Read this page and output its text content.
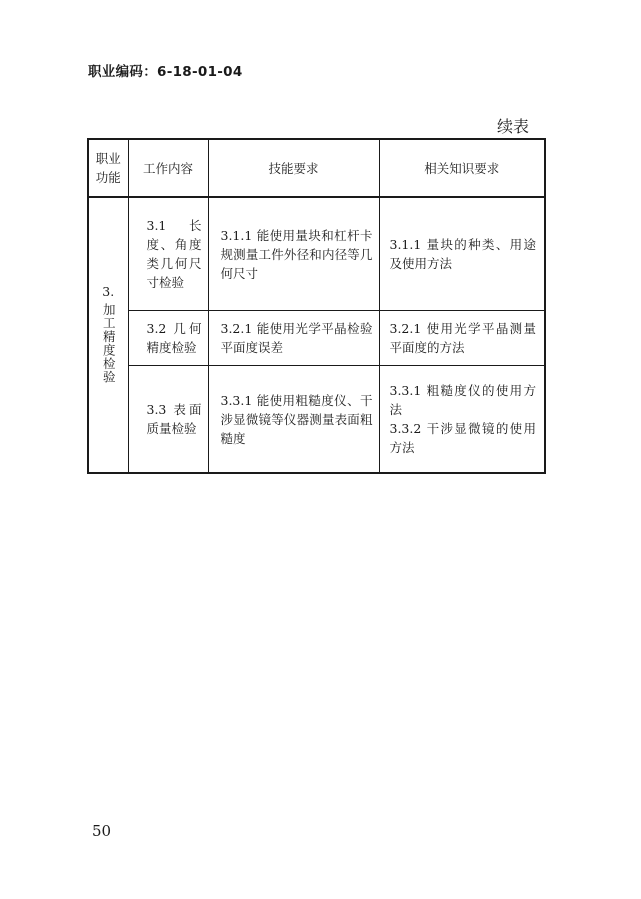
职业编码：6-18-01-04
续表
职业功能	工作内容	技能要求	相关知识要求

3.
加工精度检验	3.1　长度、角度类几何尺寸检验	3.1.1 能使用量块和杠杆卡规测量工件外径和内径等几何尺寸	3.1.1 量块的种类、用途及使用方法

	3.2 几何精度检验	3.2.1 能使用光学平晶检验平面度误差	3.2.1 使用光学平晶测量平面度的方法

	3.3 表面质量检验	3.3.1 能使用粗糙度仪、干涉显微镜等仪器测量表面粗糙度	3.3.1 粗糙度仪的使用方法
3.3.2 干涉显微镜的使用方法
50
